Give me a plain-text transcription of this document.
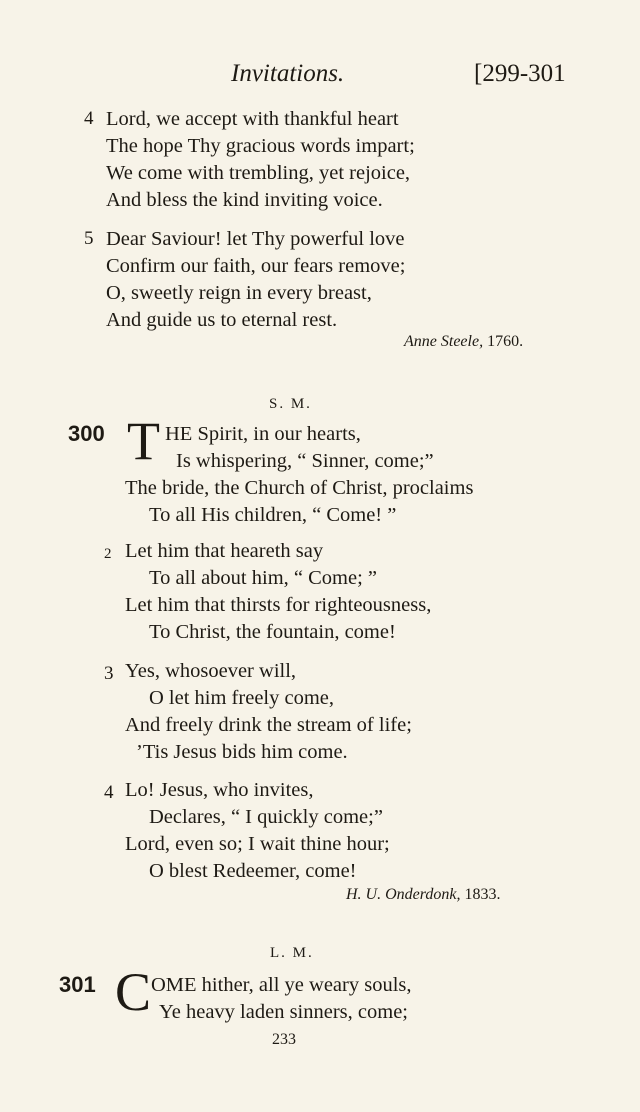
Invitations.	[299-301
4 Lord, we accept with thankful heart
The hope Thy gracious words impart;
We come with trembling, yet rejoice,
And bless the kind inviting voice.
5 Dear Saviour! let Thy powerful love
Confirm our faith, our fears remove;
O, sweetly reign in every breast,
And guide us to eternal rest.
Anne Steele, 1760.
S. M.
300 T HE Spirit, in our hearts,
Is whispering, “ Sinner, come;”
The bride, the Church of Christ, proclaims
To all His children, “ Come! ”
2 Let him that heareth say
To all about him, “ Come; ”
Let him that thirsts for righteousness,
To Christ, the fountain, come!
3 Yes, whosoever will,
O let him freely come,
And freely drink the stream of life;
’Tis Jesus bids him come.
4 Lo! Jesus, who invites,
Declares, “ I quickly come;”
Lord, even so; I wait thine hour;
O blest Redeemer, come!
H. U. Onderdonk, 1833.
L. M.
301 C OME hither, all ye weary souls,
Ye heavy laden sinners, come;
233
